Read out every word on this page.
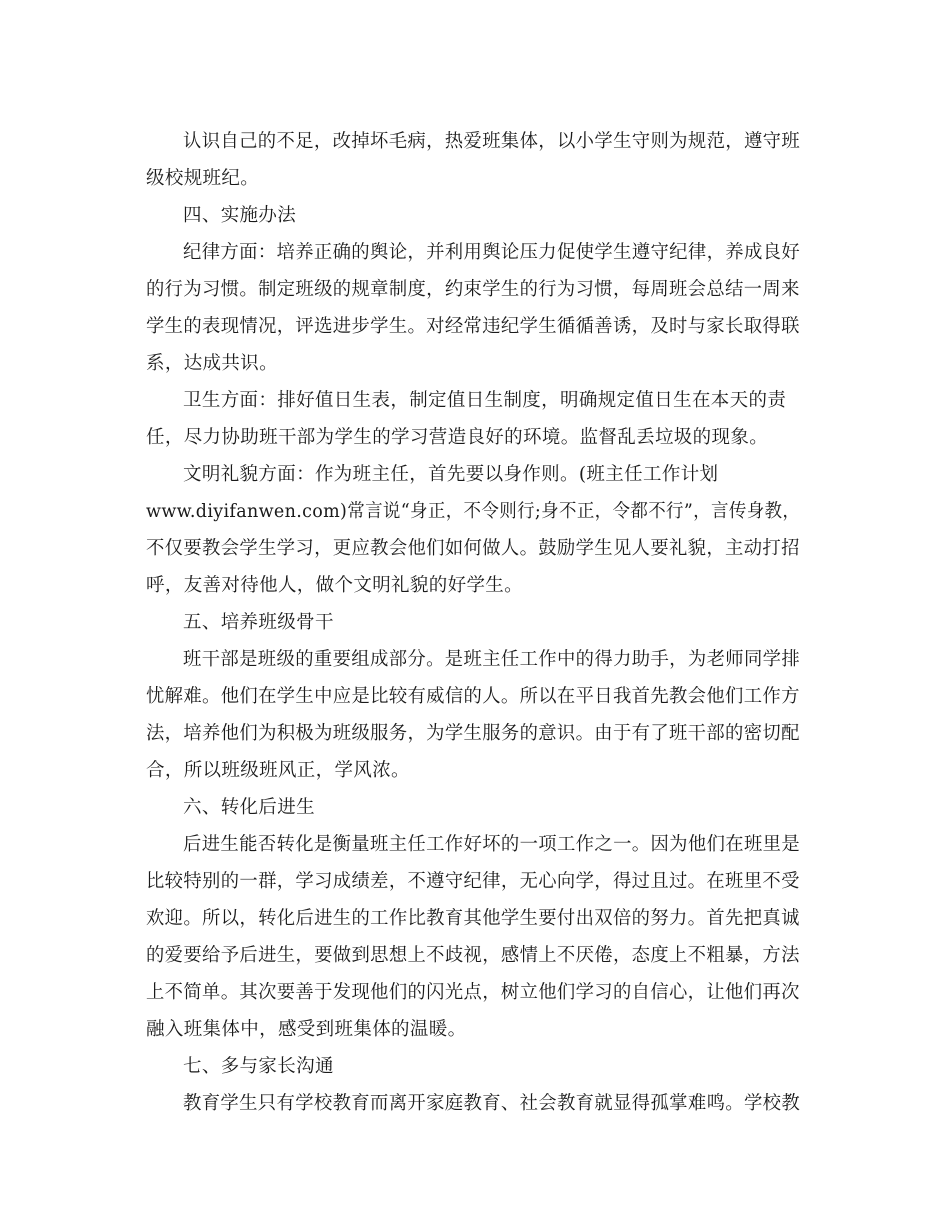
认识自己的不足，改掉坏毛病，热爱班集体，以小学生守则为规范，遵守班
级校规班纪。
四、实施办法
纪律方面：培养正确的舆论，并利用舆论压力促使学生遵守纪律，养成良好
的行为习惯。制定班级的规章制度，约束学生的行为习惯，每周班会总结一周来
学生的表现情况，评选进步学生。对经常违纪学生循循善诱，及时与家长取得联
系，达成共识。
卫生方面：排好值日生表，制定值日生制度，明确规定值日生在本天的责
任，尽力协助班干部为学生的学习营造良好的环境。监督乱丢垃圾的现象。
文明礼貌方面：作为班主任，首先要以身作则。(班主任工作计划
www.diyifanwen.com)常言说“身正，不令则行;身不正，令都不行”，言传身教，
不仅要教会学生学习，更应教会他们如何做人。鼓励学生见人要礼貌，主动打招
呼，友善对待他人，做个文明礼貌的好学生。
五、培养班级骨干
班干部是班级的重要组成部分。是班主任工作中的得力助手，为老师同学排
忧解难。他们在学生中应是比较有威信的人。所以在平日我首先教会他们工作方
法，培养他们为积极为班级服务，为学生服务的意识。由于有了班干部的密切配
合，所以班级班风正，学风浓。
六、转化后进生
后进生能否转化是衡量班主任工作好坏的一项工作之一。因为他们在班里是
比较特别的一群，学习成绩差，不遵守纪律，无心向学，得过且过。在班里不受
欢迎。所以，转化后进生的工作比教育其他学生要付出双倍的努力。首先把真诚
的爱要给予后进生，要做到思想上不歧视，感情上不厌倦，态度上不粗暴，方法
上不简单。其次要善于发现他们的闪光点，树立他们学习的自信心，让他们再次
融入班集体中，感受到班集体的温暖。
七、多与家长沟通
教育学生只有学校教育而离开家庭教育、社会教育就显得孤掌难鸣。学校教
